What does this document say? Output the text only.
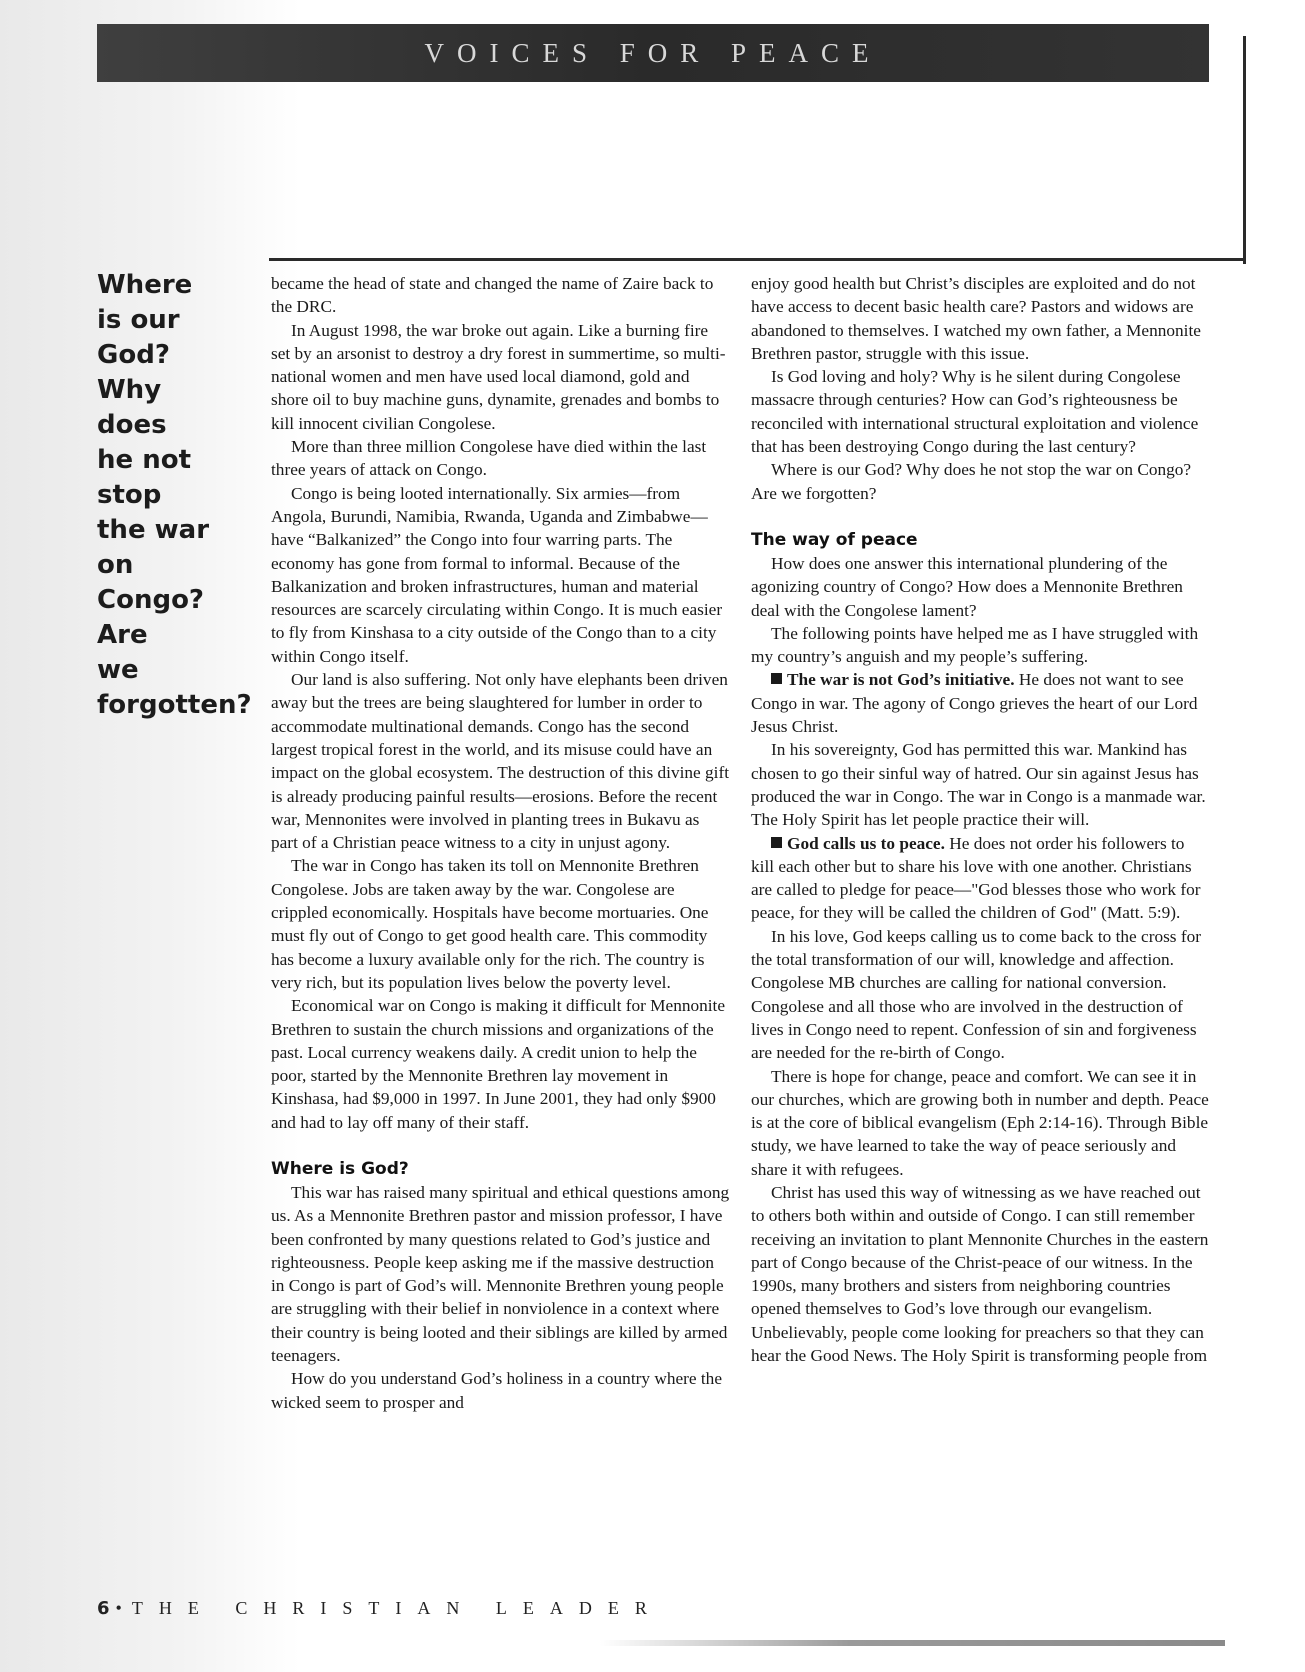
VOICES FOR PEACE
Where
is our
God?
Why
does
he not
stop
the war
on
Congo?
Are
we
forgotten?

became the head of state and changed the name of Zaire back to the DRC.

In August 1998, the war broke out again. Like a burning fire set by an arsonist to destroy a dry forest in summertime, so multi-national women and men have used local diamond, gold and shore oil to buy machine guns, dynamite, grenades and bombs to kill innocent civilian Congolese.

More than three million Congolese have died within the last three years of attack on Congo.

Congo is being looted internationally. Six armies—from Angola, Burundi, Namibia, Rwanda, Uganda and Zimbabwe—have “Balkanized” the Congo into four warring parts. The economy has gone from formal to informal. Because of the Balkanization and broken infrastructures, human and material resources are scarcely circulating within Congo. It is much easier to fly from Kinshasa to a city outside of the Congo than to a city within Congo itself.

Our land is also suffering. Not only have elephants been driven away but the trees are being slaughtered for lumber in order to accommodate multinational demands. Congo has the second largest tropical forest in the world, and its misuse could have an impact on the global ecosystem. The destruction of this divine gift is already producing painful results—erosions. Before the recent war, Mennonites were involved in planting trees in Bukavu as part of a Christian peace witness to a city in unjust agony.

The war in Congo has taken its toll on Mennonite Brethren Congolese. Jobs are taken away by the war. Congolese are crippled economically. Hospitals have become mortuaries. One must fly out of Congo to get good health care. This commodity has become a luxury available only for the rich. The country is very rich, but its population lives below the poverty level.

Economical war on Congo is making it difficult for Mennonite Brethren to sustain the church missions and organizations of the past. Local currency weakens daily. A credit union to help the poor, started by the Mennonite Brethren lay movement in Kinshasa, had $9,000 in 1997. In June 2001, they had only $900 and had to lay off many of their staff.

Where is God?

This war has raised many spiritual and ethical questions among us. As a Mennonite Brethren pastor and mission professor, I have been confronted by many questions related to God’s justice and righteousness. People keep asking me if the massive destruction in Congo is part of God’s will. Mennonite Brethren young people are struggling with their belief in nonviolence in a context where their country is being looted and their siblings are killed by armed teenagers.

How do you understand God’s holiness in a country where the wicked seem to prosper and

enjoy good health but Christ’s disciples are exploited and do not have access to decent basic health care? Pastors and widows are abandoned to themselves. I watched my own father, a Mennonite Brethren pastor, struggle with this issue.

Is God loving and holy? Why is he silent during Congolese massacre through centuries? How can God’s righteousness be reconciled with international structural exploitation and violence that has been destroying Congo during the last century?

Where is our God? Why does he not stop the war on Congo? Are we forgotten?

The way of peace

How does one answer this international plundering of the agonizing country of Congo? How does a Mennonite Brethren deal with the Congolese lament?

The following points have helped me as I have struggled with my country’s anguish and my people’s suffering.

The war is not God’s initiative. He does not want to see Congo in war. The agony of Congo grieves the heart of our Lord Jesus Christ.

In his sovereignty, God has permitted this war. Mankind has chosen to go their sinful way of hatred. Our sin against Jesus has produced the war in Congo. The war in Congo is a manmade war. The Holy Spirit has let people practice their will.

God calls us to peace. He does not order his followers to kill each other but to share his love with one another. Christians are called to pledge for peace—"God blesses those who work for peace, for they will be called the children of God" (Matt. 5:9).

In his love, God keeps calling us to come back to the cross for the total transformation of our will, knowledge and affection. Congolese MB churches are calling for national conversion. Congolese and all those who are involved in the destruction of lives in Congo need to repent. Confession of sin and forgiveness are needed for the re-birth of Congo.

There is hope for change, peace and comfort. We can see it in our churches, which are growing both in number and depth. Peace is at the core of biblical evangelism (Eph 2:14-16). Through Bible study, we have learned to take the way of peace seriously and share it with refugees.

Christ has used this way of witnessing as we have reached out to others both within and outside of Congo. I can still remember receiving an invitation to plant Mennonite Churches in the eastern part of Congo because of the Christ-peace of our witness. In the 1990s, many brothers and sisters from neighboring countries opened themselves to God’s love through our evangelism. Unbelievably, people come looking for preachers so that they can hear the Good News. The Holy Spirit is transforming people from

6 •THE CHRISTIAN LEADER
